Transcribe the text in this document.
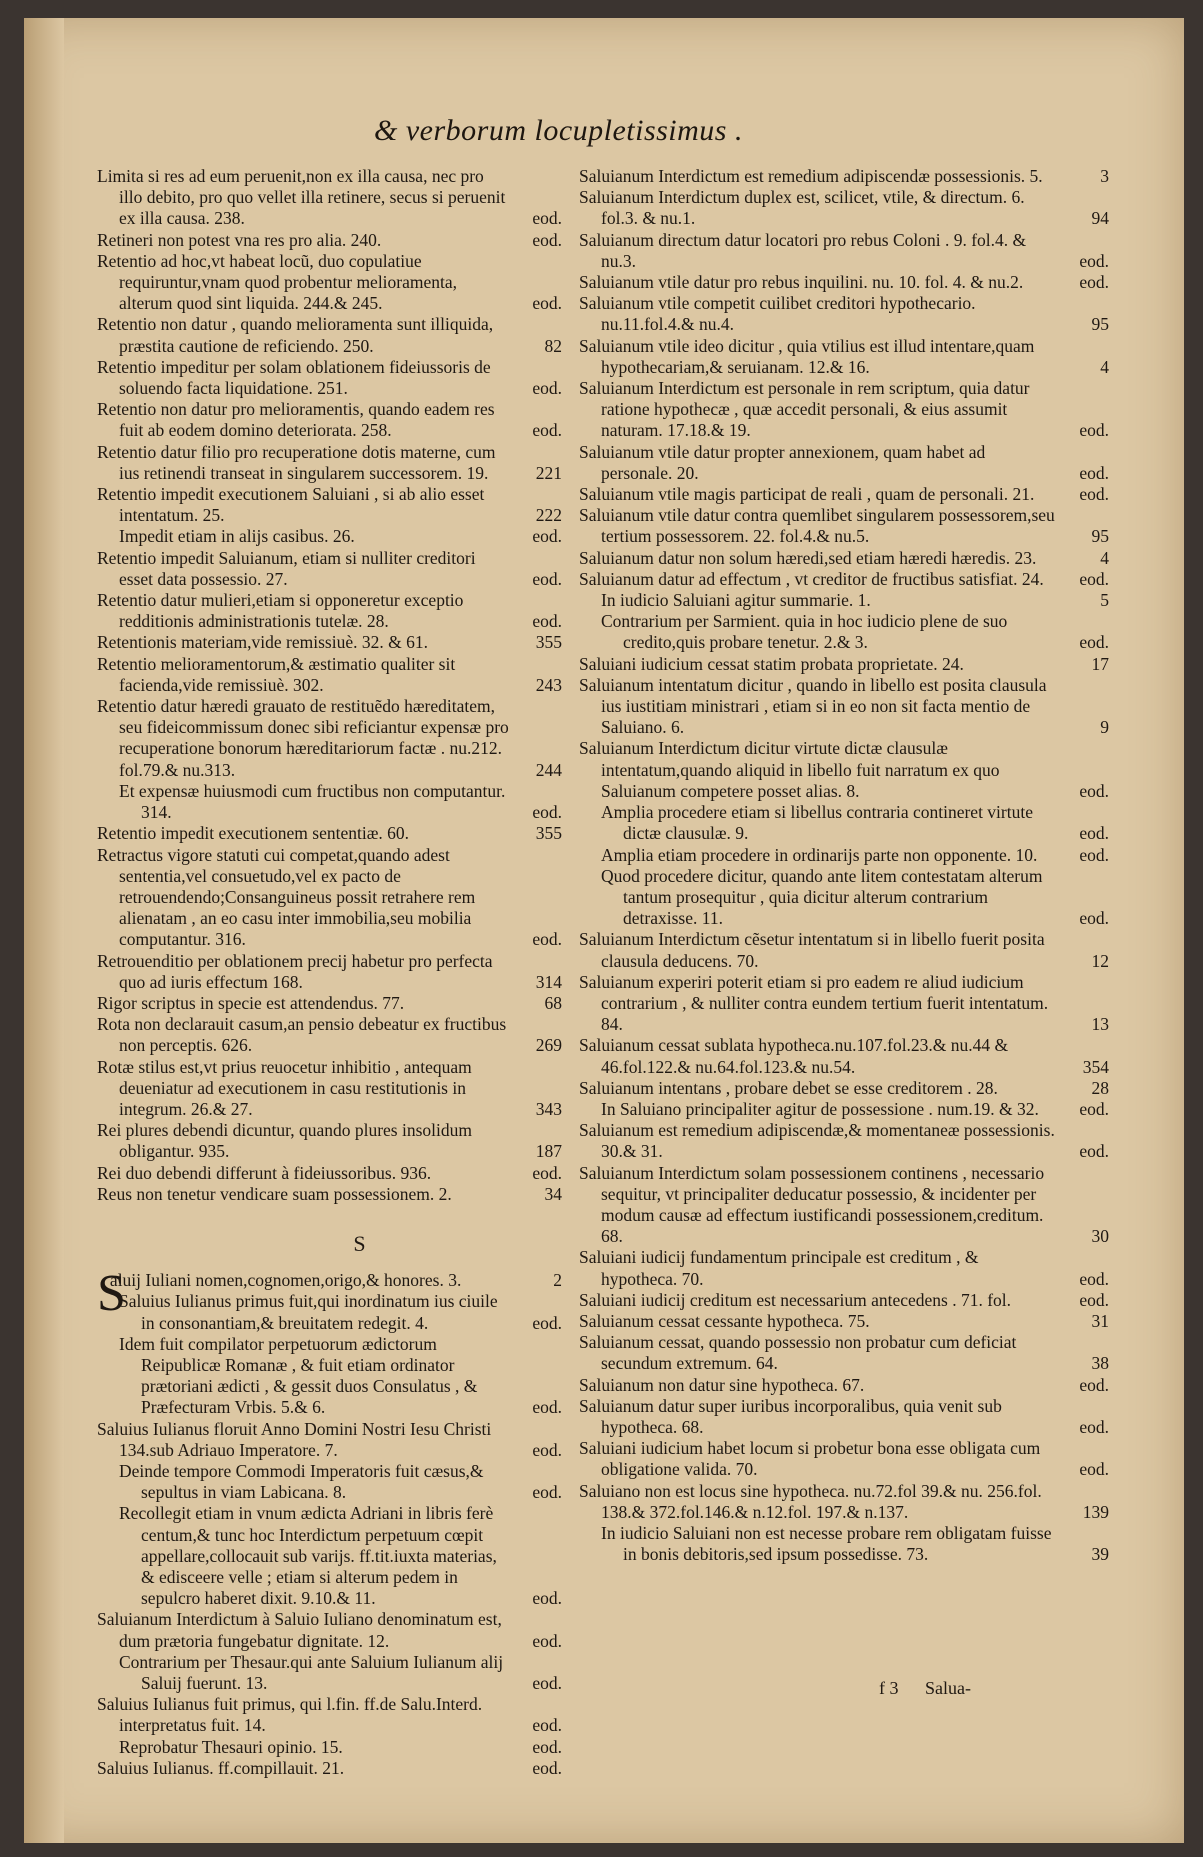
& verborum locupletissimus .
Limita si res ad eum peruenit,non ex illa causa, nec pro illo debito, pro quo vellet illa retinere, secus si peruenit ex illa causa. 238.	eod.
Retineri non potest vna res pro alia. 240.	eod.
Retentio ad hoc,vt habeat locũ, duo copulatiue requiruntur,vnam quod probentur melioramenta, alterum quod sint liquida. 244.& 245.	eod.
Retentio non datur , quando melioramenta sunt illiquida, præstita cautione de reficiendo. 250.	82
Retentio impeditur per solam oblationem fideiussoris de soluendo facta liquidatione. 251.	eod.
Retentio non datur pro melioramentis, quando eadem res fuit ab eodem domino deteriorata. 258.	eod.
Retentio datur filio pro recuperatione dotis materne, cum ius retinendi transeat in singularem successorem. 19.	221
Retentio impedit executionem Saluiani , si ab alio esset intentatum. 25.	222
Impedit etiam in alijs casibus. 26.	eod.
Retentio impedit Saluianum, etiam si nulliter creditori esset data possessio. 27.	eod.
Retentio datur mulieri,etiam si opponeretur exceptio redditionis administrationis tutelæ. 28.	eod.
Retentionis materiam,vide remissiuè. 32. & 61.	355
Retentio melioramentorum,& æstimatio qualiter sit facienda,vide remissiuè. 302.	243
Retentio datur hæredi grauato de restituẽdo hæreditatem, seu fideicommissum donec sibi reficiantur expensæ pro recuperatione bonorum hæreditariorum factæ . nu.212. fol.79.& nu.313.	244
Et expensæ huiusmodi cum fructibus non computantur. 314.	eod.
Retentio impedit executionem sententiæ. 60.	355
Retractus vigore statuti cui competat,quando adest sententia,vel consuetudo,vel ex pacto de retrouendendo;Consanguineus possit retrahere rem alienatam , an eo casu inter immobilia,seu mobilia computantur. 316.	eod.
Retrouenditio per oblationem precij habetur pro perfecta quo ad iuris effectum 168.	314
Rigor scriptus in specie est attendendus. 77.	68
Rota non declarauit casum,an pensio debeatur ex fructibus non perceptis. 626.	269
Rotæ stilus est,vt prius reuocetur inhibitio , antequam deueniatur ad executionem in casu restitutionis in integrum. 26.& 27.	343
Rei plures debendi dicuntur, quando plures insolidum obligantur. 935.	187
Rei duo debendi differunt à fideiussoribus. 936.	eod.
Reus non tenetur vendicare suam possessionem. 2.	34
S
S
aluij Iuliani nomen,cognomen,origo,& honores. 3.	2
Saluius Iulianus primus fuit,qui inordinatum ius ciuile in consonantiam,& breuitatem redegit. 4.	eod.
Idem fuit compilator perpetuorum ædictorum Reipublicæ Romanæ , & fuit etiam ordinator prætoriani ædicti , & gessit duos Consulatus , & Præfecturam Vrbis. 5.& 6.	eod.
Saluius Iulianus floruit Anno Domini Nostri Iesu Christi 134.sub Adriauo Imperatore. 7.	eod.
Deinde tempore Commodi Imperatoris fuit cæsus,& sepultus in viam Labicana. 8.	eod.
Recollegit etiam in vnum ædicta Adriani in libris ferè centum,& tunc hoc Interdictum perpetuum cœpit appellare,collocauit sub varijs. ff.tit.iuxta materias, & edisceere velle ; etiam si alterum pedem in sepulcro haberet dixit. 9.10.& 11.	eod.
Saluianum Interdictum à Saluio Iuliano denominatum est, dum prætoria fungebatur dignitate. 12.	eod.
Contrarium per Thesaur.qui ante Saluium Iulianum alij Saluij fuerunt. 13.	eod.
Saluius Iulianus fuit primus, qui l.fin. ff.de Salu.Interd. interpretatus fuit. 14.	eod.
Reprobatur Thesauri opinio. 15.	eod.
Saluius Iulianus. ff.compillauit. 21.	eod.
Saluianum Interdictum est remedium adipiscendæ possessionis. 5.	3
Saluianum Interdictum duplex est, scilicet, vtile, & directum. 6. fol.3. & nu.1.	94
Saluianum directum datur locatori pro rebus Coloni . 9. fol.4. & nu.3.	eod.
Saluianum vtile datur pro rebus inquilini. nu. 10. fol. 4. & nu.2.	eod.
Saluianum vtile competit cuilibet creditori hypothecario. nu.11.fol.4.& nu.4.	95
Saluianum vtile ideo dicitur , quia vtilius est illud intentare,quam hypothecariam,& seruianam. 12.& 16.	4
Saluianum Interdictum est personale in rem scriptum, quia datur ratione hypothecæ , quæ accedit personali, & eius assumit naturam. 17.18.& 19.	eod.
Saluianum vtile datur propter annexionem, quam habet ad personale. 20.	eod.
Saluianum vtile magis participat de reali , quam de personali. 21.	eod.
Saluianum vtile datur contra quemlibet singularem possessorem,seu tertium possessorem. 22. fol.4.& nu.5.	95
Saluianum datur non solum hæredi,sed etiam hæredi hæredis. 23.	4
Saluianum datur ad effectum , vt creditor de fructibus satisfiat. 24. eod.
In iudicio Saluiani agitur summarie. 1.	5
Contrarium per Sarmient. quia in hoc iudicio plene de suo credito,quis probare tenetur. 2.& 3.	eod.
Saluiani iudicium cessat statim probata proprietate. 24.	17
Saluianum intentatum dicitur , quando in libello est posita clausula ius iustitiam ministrari , etiam si in eo non sit facta mentio de Saluiano. 6.	9
Saluianum Interdictum dicitur virtute dictæ clausulæ intentatum,quando aliquid in libello fuit narratum ex quo Saluianum competere posset alias. 8.	eod.
Amplia procedere etiam si libellus contraria contineret virtute dictæ clausulæ. 9.	eod.
Amplia etiam procedere in ordinarijs parte non opponente. 10. eod.
Quod procedere dicitur, quando ante litem contestatam alterum tantum prosequitur , quia dicitur alterum contrarium detraxisse. 11.	eod.
Saluianum Interdictum cẽsetur intentatum si in libello fuerit posita clausula deducens. 70.	12
Saluianum experiri poterit etiam si pro eadem re aliud iudicium contrarium , & nulliter contra eundem tertium fuerit intentatum. 84.	13
Saluianum cessat sublata hypotheca.nu.107.fol.23.& nu.44 & 46.fol.122.& nu.64.fol.123.& nu.54.	354
Saluianum intentans , probare debet se esse creditorem . 28.	28
In Saluiano principaliter agitur de possessione . num.19. & 32. eod.
Saluianum est remedium adipiscendæ,& momentaneæ possessionis. 30.& 31.	eod.
Saluianum Interdictum solam possessionem continens , necessario sequitur, vt principaliter deducatur possessio, & incidenter per modum causæ ad effectum iustificandi possessionem,creditum. 68.	30
Saluiani iudicij fundamentum principale est creditum , & hypotheca. 70.	eod.
Saluiani iudicij creditum est necessarium antecedens . 71. fol.	eod.
Saluianum cessat cessante hypotheca. 75.	31
Saluianum cessat, quando possessio non probatur cum deficiat secundum extremum. 64.	38
Saluianum non datur sine hypotheca. 67.	eod.
Saluianum datur super iuribus incorporalibus, quia venit sub hypotheca. 68.	eod.
Saluiani iudicium habet locum si probetur bona esse obligata cum obligatione valida. 70.	eod.
Saluiano non est locus sine hypotheca. nu.72.fol 39.& nu. 256.fol. 138.& 372.fol.146.& n.12.fol. 197.& n.137.	139
In iudicio Saluiani non est necesse probare rem obligatam fuisse in bonis debitoris,sed ipsum possedisse. 73.	39
f 3 Salua-
